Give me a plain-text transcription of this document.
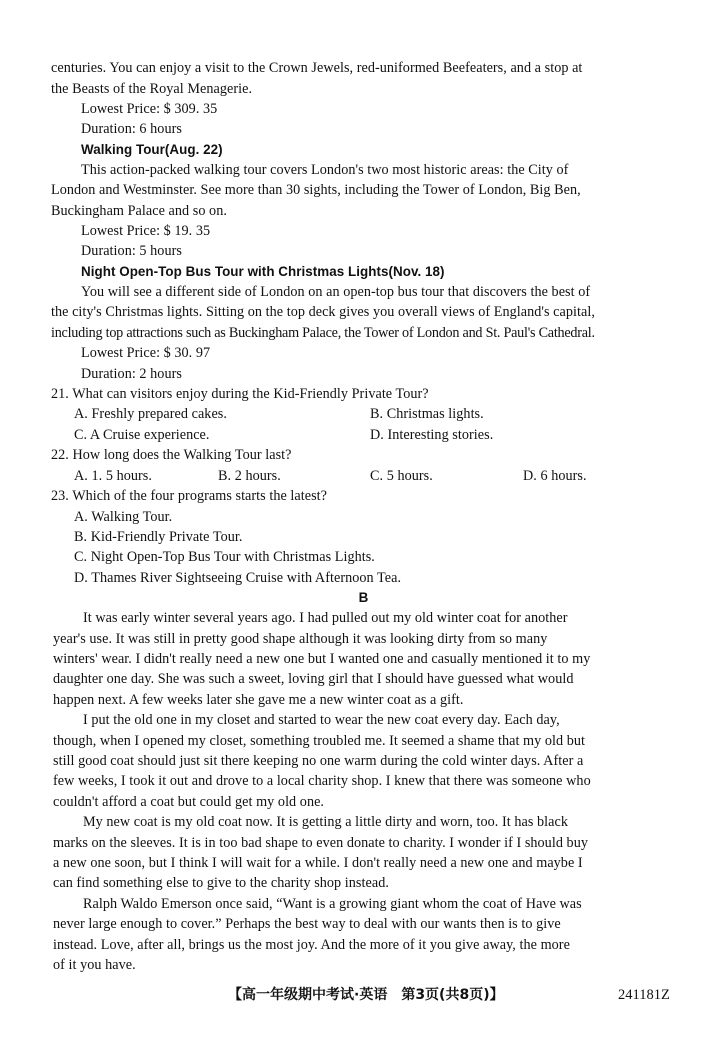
centuries. You can enjoy a visit to the Crown Jewels, red-uniformed Beefeaters, and a stop at
the Beasts of the Royal Menagerie.
Lowest Price: $ 309. 35
Duration: 6 hours
Walking Tour(Aug. 22)
This action-packed walking tour covers London's two most historic areas: the City of
London and Westminster. See more than 30 sights, including the Tower of London, Big Ben,
Buckingham Palace and so on.
Lowest Price: $ 19. 35
Duration: 5 hours
Night Open-Top Bus Tour with Christmas Lights(Nov. 18)
You will see a different side of London on an open-top bus tour that discovers the best of
the city's Christmas lights. Sitting on the top deck gives you overall views of England's capital,
including top attractions such as Buckingham Palace, the Tower of London and St. Paul's Cathedral.
Lowest Price: $ 30. 97
Duration: 2 hours
21. What can visitors enjoy during the Kid-Friendly Private Tour?
A. Freshly prepared cakes.	B. Christmas lights.
C. A Cruise experience.	D. Interesting stories.
22. How long does the Walking Tour last?
A. 1. 5 hours.	B. 2 hours.	C. 5 hours.	D. 6 hours.
23. Which of the four programs starts the latest?
A. Walking Tour.
B. Kid-Friendly Private Tour.
C. Night Open-Top Bus Tour with Christmas Lights.
D. Thames River Sightseeing Cruise with Afternoon Tea.
B
It was early winter several years ago. I had pulled out my old winter coat for another
year's use. It was still in pretty good shape although it was looking dirty from so many
winters' wear. I didn't really need a new one but I wanted one and casually mentioned it to my
daughter one day. She was such a sweet, loving girl that I should have guessed what would
happen next. A few weeks later she gave me a new winter coat as a gift.
I put the old one in my closet and started to wear the new coat every day. Each day,
though, when I opened my closet, something troubled me. It seemed a shame that my old but
still good coat should just sit there keeping no one warm during the cold winter days. After a
few weeks, I took it out and drove to a local charity shop. I knew that there was someone who
couldn't afford a coat but could get my old one.
My new coat is my old coat now. It is getting a little dirty and worn, too. It has black
marks on the sleeves. It is in too bad shape to even donate to charity. I wonder if I should buy
a new one soon, but I think I will wait for a while. I don't really need a new one and maybe I
can find something else to give to the charity shop instead.
Ralph Waldo Emerson once said, “Want is a growing giant whom the coat of Have was
never large enough to cover.” Perhaps the best way to deal with our wants then is to give
instead. Love, after all, brings us the most joy. And the more of it you give away, the more
of it you have.
【高一年级期中考试·英语　第3页(共8页)】	241181Z
